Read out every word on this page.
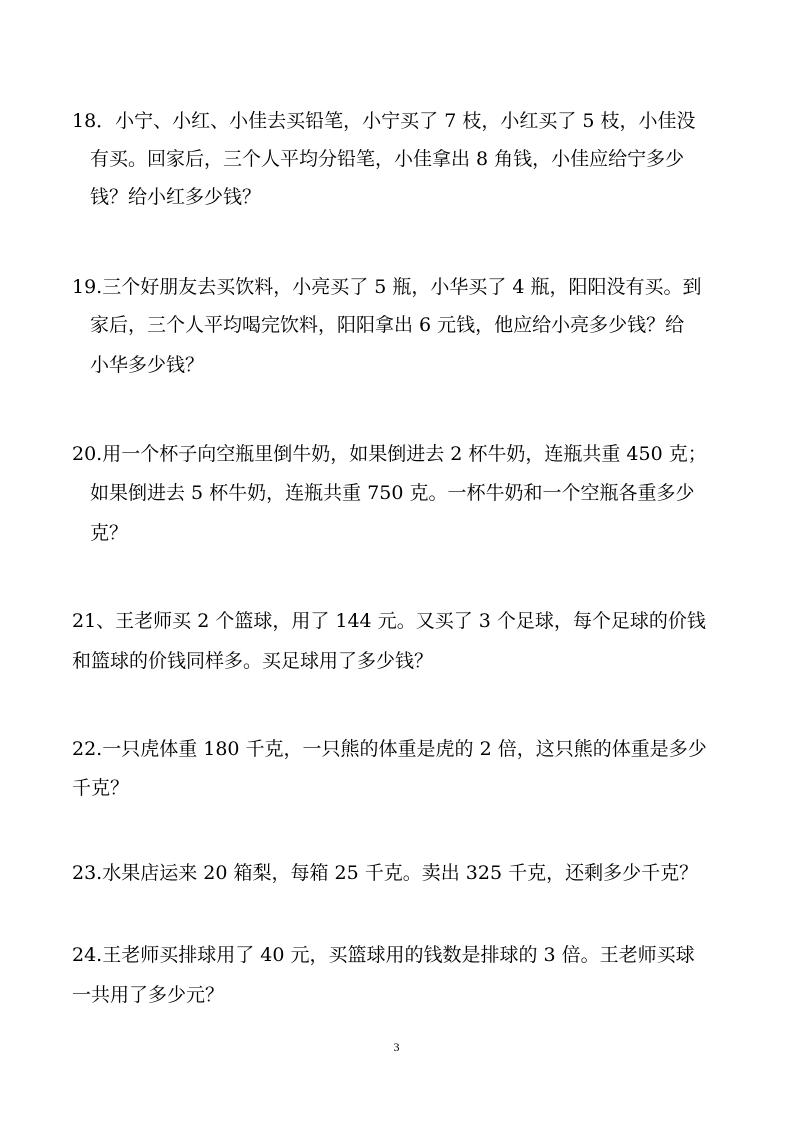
18．小宁、小红、小佳去买铅笔，小宁买了 7 枝，小红买了 5 枝，小佳没
有买。回家后，三个人平均分铅笔，小佳拿出 8 角钱，小佳应给宁多少
钱？给小红多少钱？
19.三个好朋友去买饮料，小亮买了 5 瓶，小华买了 4 瓶，阳阳没有买。到
家后，三个人平均喝完饮料，阳阳拿出 6 元钱，他应给小亮多少钱？给
小华多少钱？
20.用一个杯子向空瓶里倒牛奶，如果倒进去 2 杯牛奶，连瓶共重 450 克；
如果倒进去 5 杯牛奶，连瓶共重 750 克。一杯牛奶和一个空瓶各重多少
克？
21、王老师买 2 个篮球，用了 144 元。又买了 3 个足球，每个足球的价钱
和篮球的价钱同样多。买足球用了多少钱？
22.一只虎体重 180 千克，一只熊的体重是虎的 2 倍，这只熊的体重是多少
千克？
23.水果店运来 20 箱梨，每箱 25 千克。卖出 325 千克，还剩多少千克？
24.王老师买排球用了 40 元，买篮球用的钱数是排球的 3 倍。王老师买球
一共用了多少元？
3
